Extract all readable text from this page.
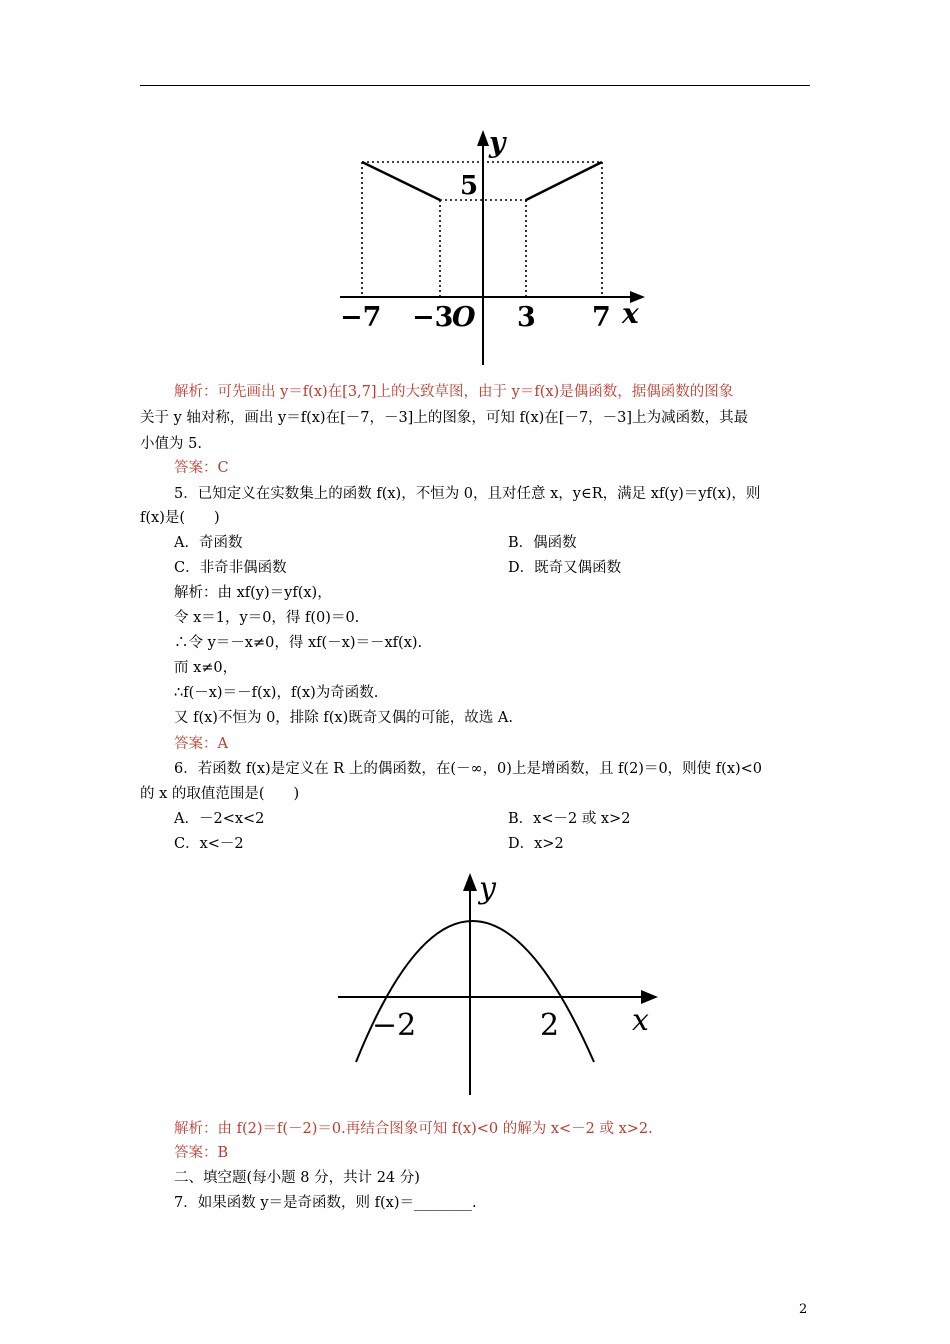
y
5
−7 −3
O 3 7 x
解析：可先画出 y＝f(x)在[3,7]上的大致草图，由于 y＝f(x)是偶函数，据偶函数的图象
关于 y 轴对称，画出 y＝f(x)在[－7，－3]上的图象，可知 f(x)在[－7，－3]上为减函数，其最
小值为 5.
答案：C
5．已知定义在实数集上的函数 f(x)，不恒为 0，且对任意 x，y∈R，满足 xf(y)＝yf(x)，则
f(x)是(　　)
A．奇函数	B．偶函数
C．非奇非偶函数	D．既奇又偶函数
解析：由 xf(y)＝yf(x)，
令 x＝1，y＝0，得 f(0)＝0.
∴令 y＝－x≠0，得 xf(－x)＝－xf(x).
而 x≠0，
∴f(－x)＝－f(x)，f(x)为奇函数.
又 f(x)不恒为 0，排除 f(x)既奇又偶的可能，故选 A.
答案：A
6．若函数 f(x)是定义在 R 上的偶函数，在(－∞，0)上是增函数，且 f(2)＝0，则使 f(x)<0
的 x 的取值范围是(　　)
A．－2<x<2	B．x<－2 或 x>2
C．x<－2	D．x>2
y
−2	2 x
解析：由 f(2)＝f(－2)＝0.再结合图象可知 f(x)<0 的解为 x<－2 或 x>2.
答案：B
二、填空题(每小题 8 分，共计 24 分)
7．如果函数 y＝是奇函数，则 f(x)＝________.
2
